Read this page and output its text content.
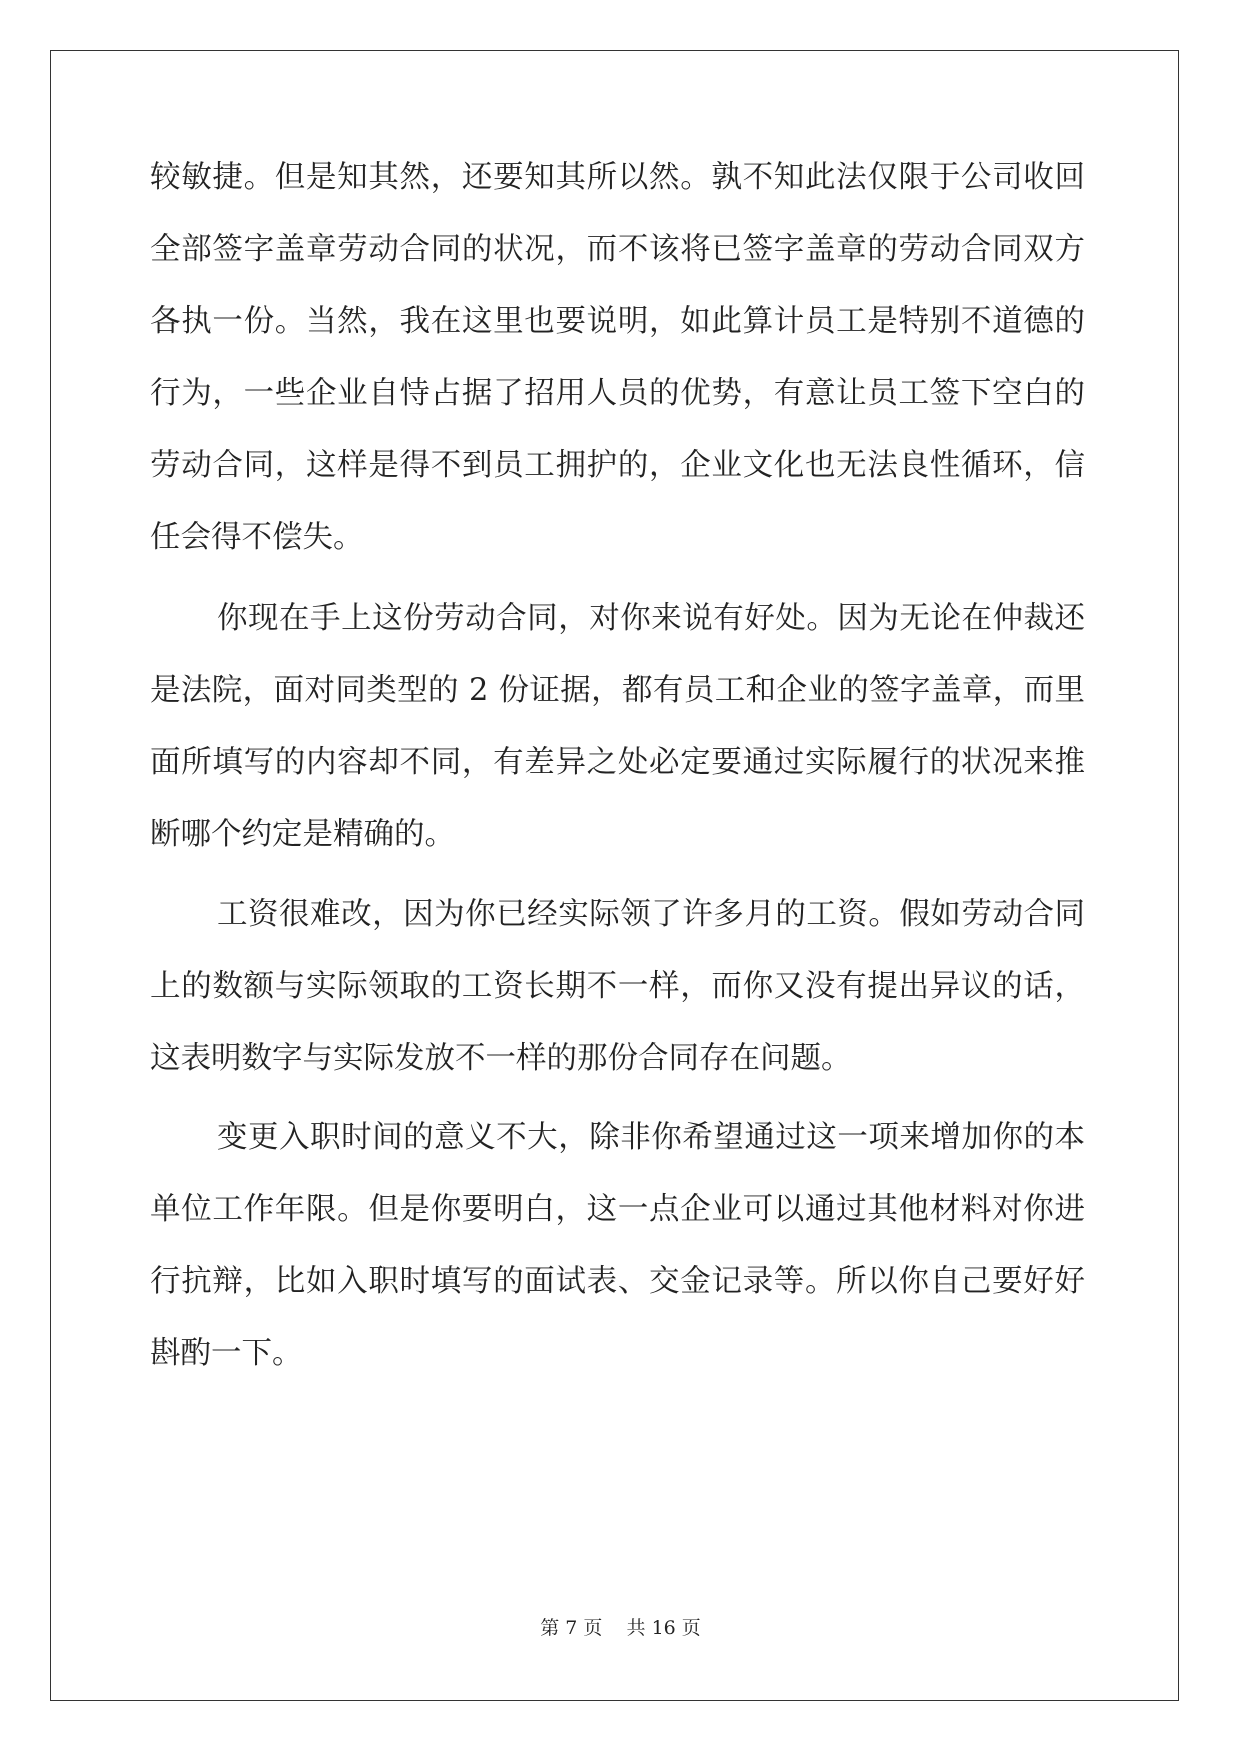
较敏捷。但是知其然，还要知其所以然。孰不知此法仅限于公司收回
全部签字盖章劳动合同的状况，而不该将已签字盖章的劳动合同双方
各执一份。当然，我在这里也要说明，如此算计员工是特别不道德的
行为，一些企业自恃占据了招用人员的优势，有意让员工签下空白的
劳动合同，这样是得不到员工拥护的，企业文化也无法良性循环，信
任会得不偿失。
你现在手上这份劳动合同，对你来说有好处。因为无论在仲裁还
是法院，面对同类型的 2 份证据，都有员工和企业的签字盖章，而里
面所填写的内容却不同，有差异之处必定要通过实际履行的状况来推
断哪个约定是精确的。
工资很难改，因为你已经实际领了许多月的工资。假如劳动合同
上的数额与实际领取的工资长期不一样，而你又没有提出异议的话，
这表明数字与实际发放不一样的那份合同存在问题。
变更入职时间的意义不大，除非你希望通过这一项来增加你的本
单位工作年限。但是你要明白，这一点企业可以通过其他材料对你进
行抗辩，比如入职时填写的面试表、交金记录等。所以你自己要好好
斟酌一下。
第 7 页 共 16 页
